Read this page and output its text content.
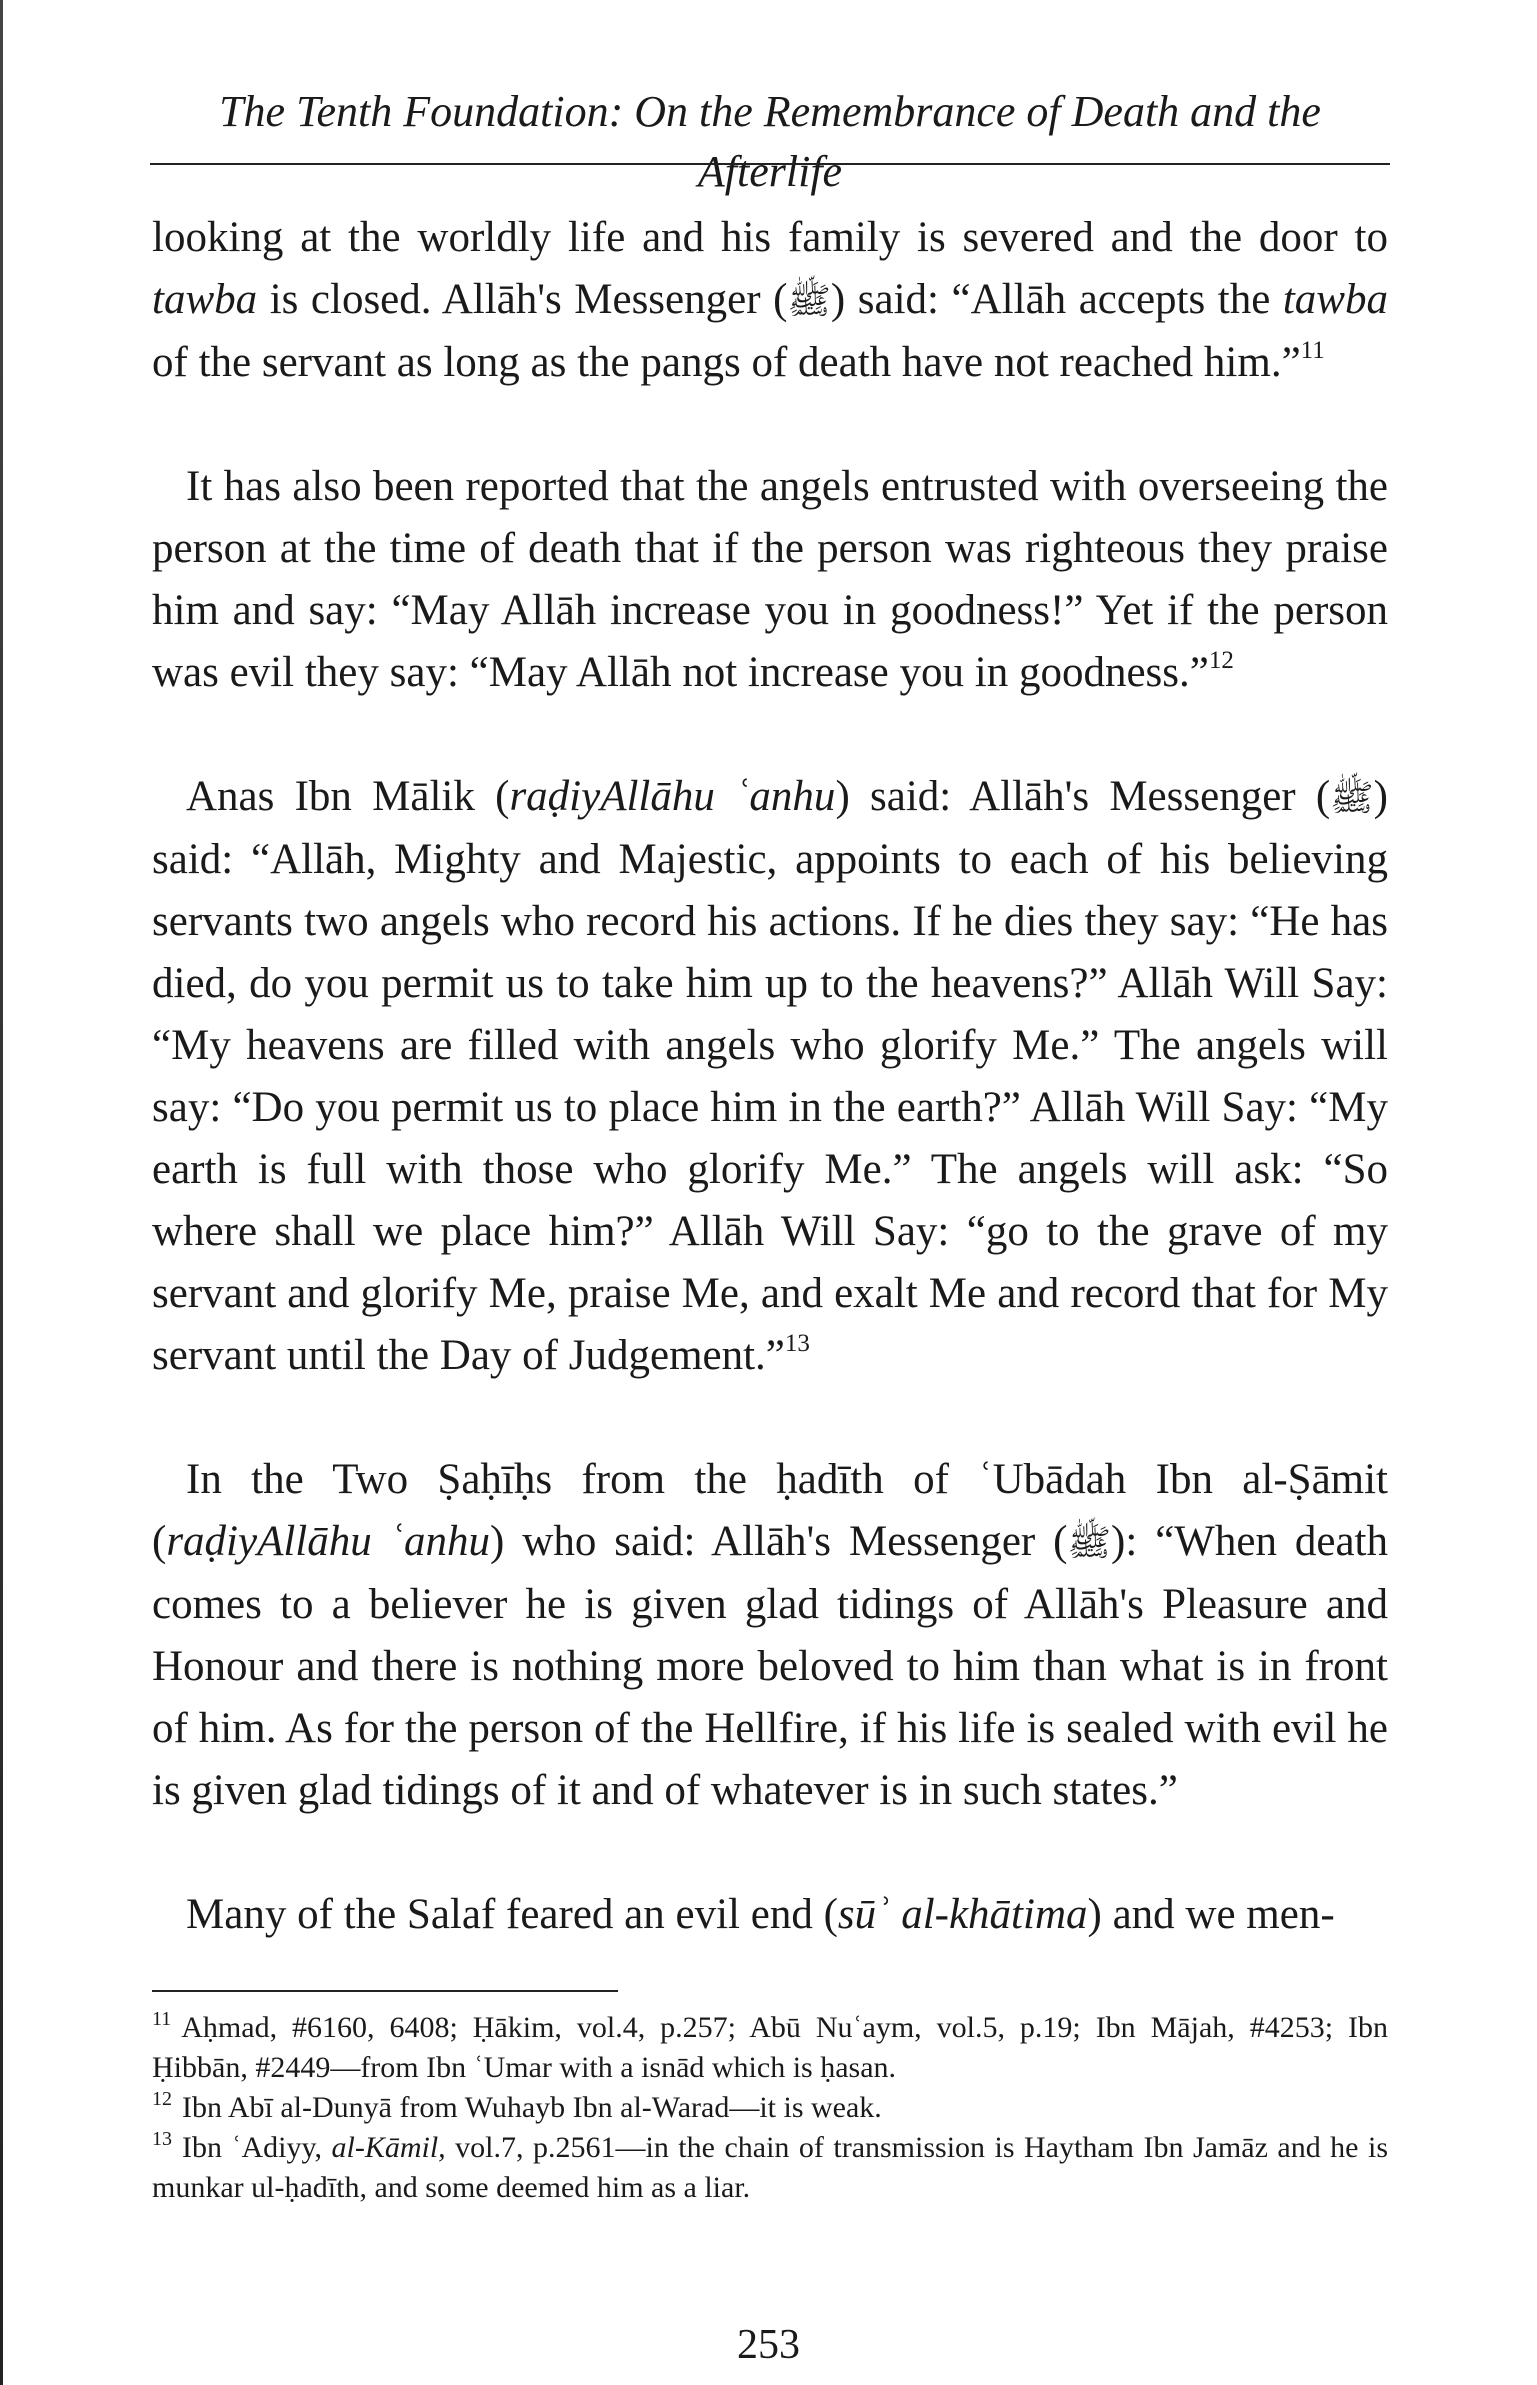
The Tenth Foundation: On the Remembrance of Death and the Afterlife

looking at the worldly life and his family is severed and the door to tawba is closed. Allāh's Messenger (ﷺ) said: “Allāh accepts the tawba of the servant as long as the pangs of death have not reached him.”$^{11}$

It has also been reported that the angels entrusted with overseeing the person at the time of death that if the person was righteous they praise him and say: “May Allāh increase you in goodness!” Yet if the person was evil they say: “May Allāh not increase you in goodness.”$^{12}$

Anas Ibn Mālik (raḍiyAllāhu ʿanhu) said: Allāh's Messenger (ﷺ) said: “Allāh, Mighty and Majestic, appoints to each of his believing servants two angels who record his actions. If he dies they say: “He has died, do you permit us to take him up to the heavens?” Allāh Will Say: “My heavens are filled with angels who glorify Me.” The angels will say: “Do you permit us to place him in the earth?” Allāh Will Say: “My earth is full with those who glorify Me.” The angels will ask: “So where shall we place him?” Allāh Will Say: “go to the grave of my servant and glorify Me, praise Me, and exalt Me and record that for My servant until the Day of Judgement.”$^{13}$

In the Two Ṣaḥīḥs from the ḥadīth of ʿUbādah Ibn al-Ṣāmit (raḍiyAllāhu ʿanhu) who said: Allāh's Messenger (ﷺ): “When death comes to a believer he is given glad tidings of Allāh's Pleasure and Honour and there is nothing more beloved to him than what is in front of him. As for the person of the Hellfire, if his life is sealed with evil he is given glad tidings of it and of whatever is in such states.”

Many of the Salaf feared an evil end (sūʾ al-khātima) and we men-

$^{11}$ Aḥmad, #6160, 6408; Ḥākim, vol.4, p.257; Abū Nuʿaym, vol.5, p.19; Ibn Mājah, #4253; Ibn Ḥibbān, #2449—from Ibn ʿUmar with a isnād which is ḥasan.

$^{12}$ Ibn Abī al-Dunyā from Wuhayb Ibn al-Warad—it is weak.

$^{13}$ Ibn ʿAdiyy, al-Kāmil, vol.7, p.2561—in the chain of transmission is Haytham Ibn Jamāz and he is munkar ul-ḥadīth, and some deemed him as a liar.

253
